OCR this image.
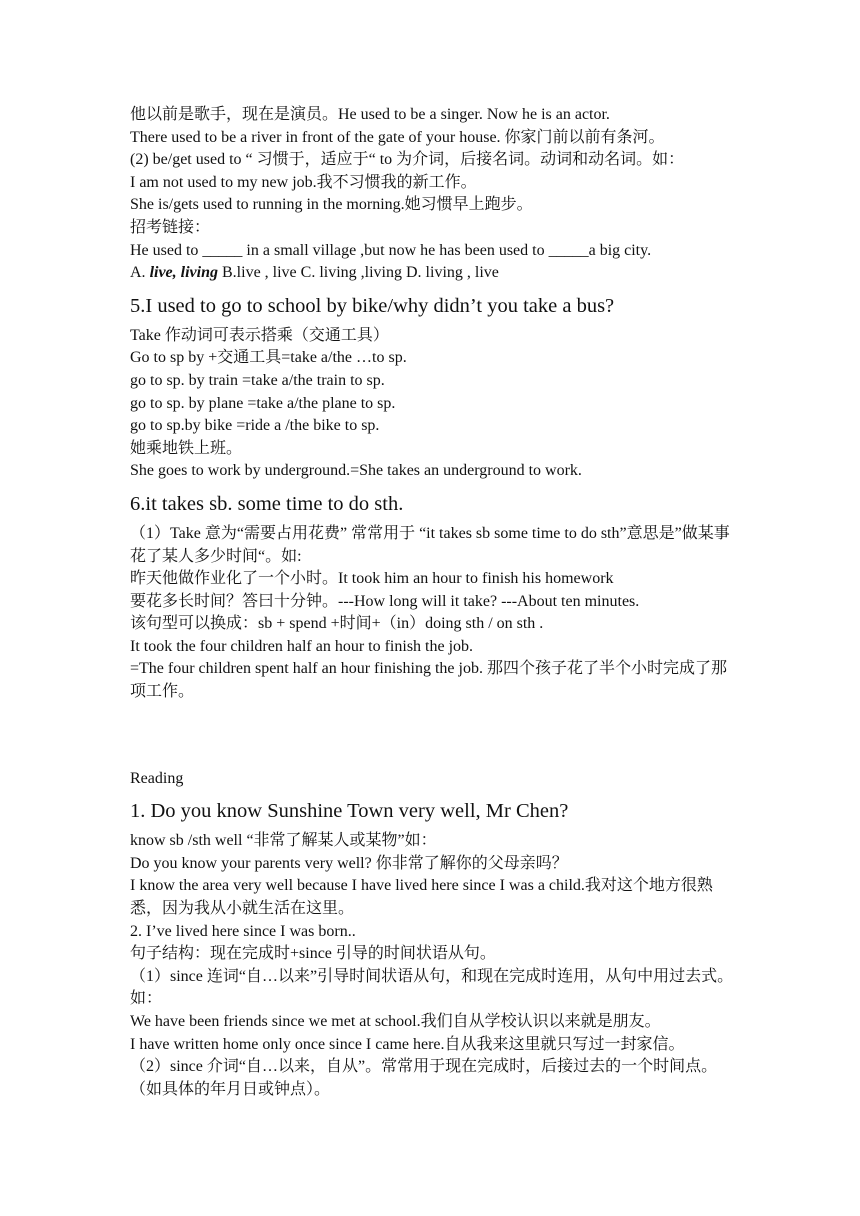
他以前是歌手，现在是演员。He used to be a singer. Now he is an actor.
There used to be a river in front of the gate of your house. 你家门前以前有条河。
(2) be/get used to “ 习惯于，适应于“ to 为介词，后接名词。动词和动名词。如：
I am not used to my new job.我不习惯我的新工作。
She is/gets used to running in the morning.她习惯早上跑步。
招考链接：
He used to _____ in a small village ,but now he has been used to _____a big city.
A. live, living B.live , live C. living ,living D. living , live
5.I used to go to school by bike/why didn’t you take a bus?
Take 作动词可表示搭乘（交通工具）
Go to sp by +交通工具=take a/the …to sp.
go to sp. by train =take a/the train to sp.
go to sp. by plane =take a/the plane to sp.
go to sp.by bike =ride a /the bike to sp.
她乘地铁上班。
She goes to work by underground.=She takes an underground to work.
6.it takes sb. some time to do sth.
（1）Take 意为“需要占用花费” 常常用于 “it takes sb some time to do sth”意思是”做某事花了某人多少时间“。如:
昨天他做作业化了一个小时。It took him an hour to finish his homework
要花多长时间？答曰十分钟。---How long will it take? ---About ten minutes.
该句型可以换成：sb + spend +时间+（in）doing sth / on sth .
It took the four children half an hour to finish the job.
=The four children spent half an hour finishing the job. 那四个孩子花了半个小时完成了那项工作。
Reading
1. Do you know Sunshine Town very well, Mr Chen?
know sb /sth well “非常了解某人或某物”如：
Do you know your parents very well? 你非常了解你的父母亲吗？
I know the area very well because I have lived here since I was a child.我对这个地方很熟悉，因为我从小就生活在这里。
2. I’ve lived here since I was born..
句子结构：现在完成时+since 引导的时间状语从句。
（1）since 连词“自…以来”引导时间状语从句，和现在完成时连用，从句中用过去式。如：
We have been friends since we met at school.我们自从学校认识以来就是朋友。
I have written home only once since I came here.自从我来这里就只写过一封家信。
（2）since 介词“自…以来，自从”。常常用于现在完成时，后接过去的一个时间点。（如具体的年月日或钟点）。
